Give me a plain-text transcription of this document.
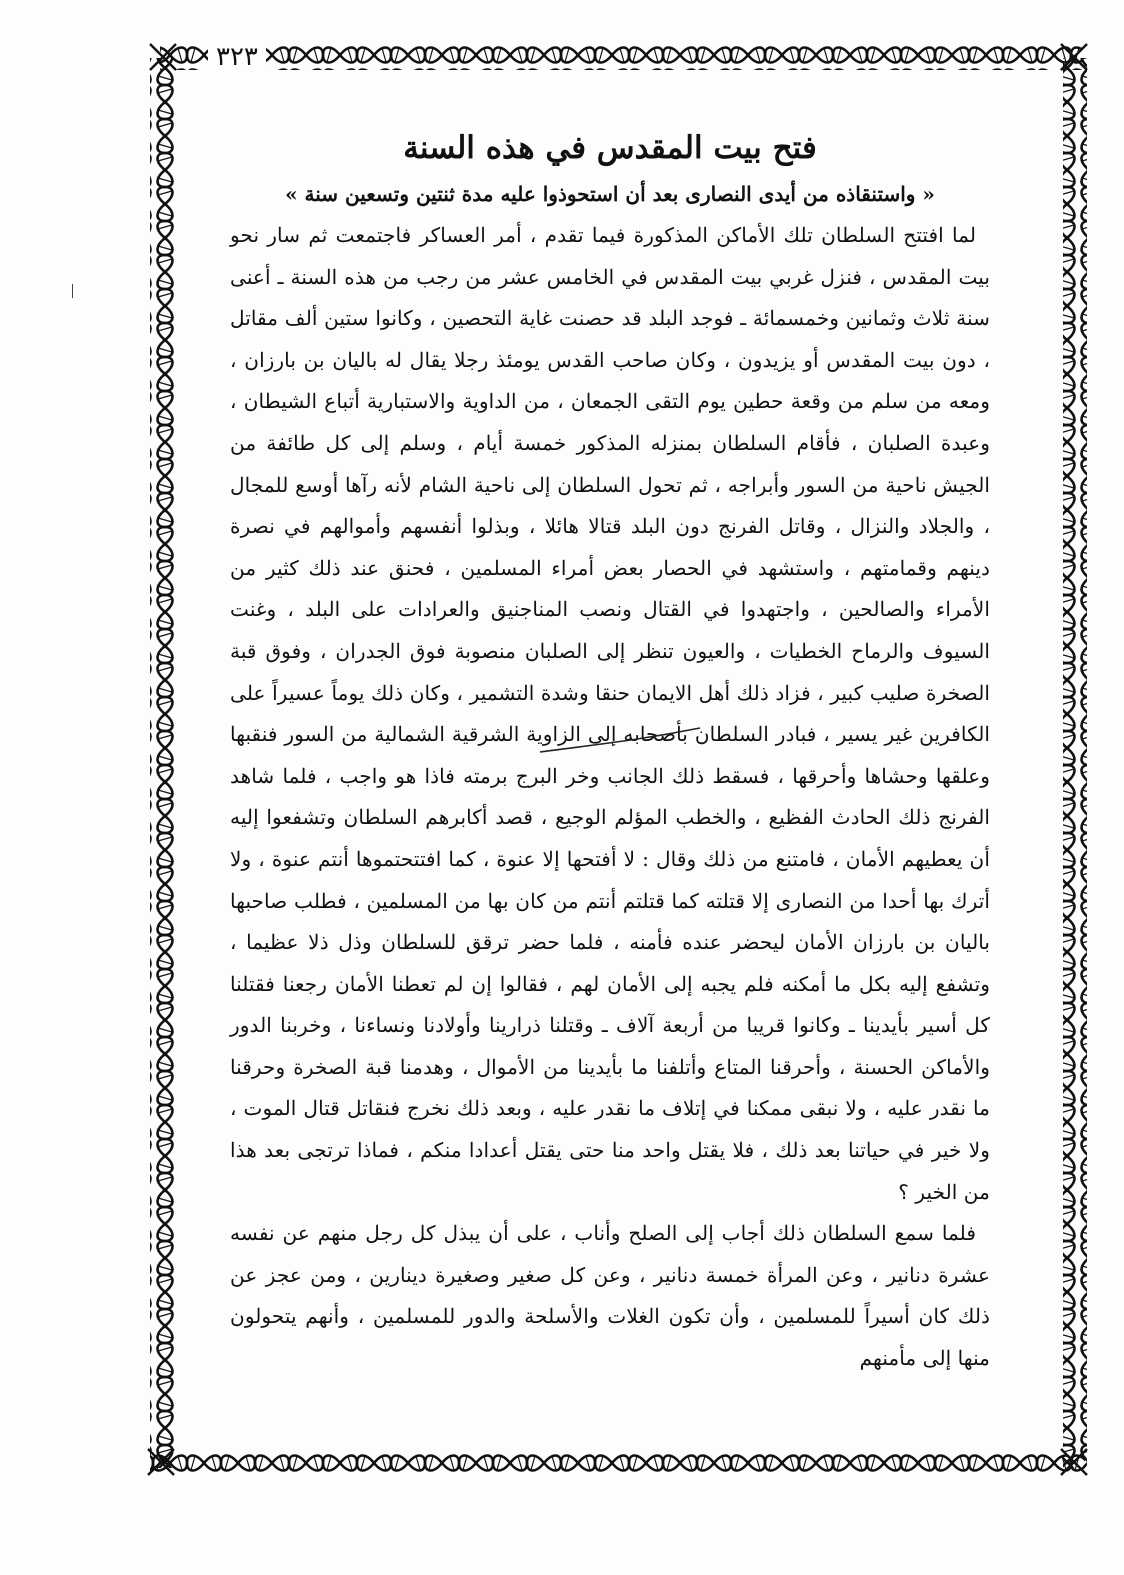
٣٢٣
فتح بيت المقدس في هذه السنة
« واستنقاذه من أيدى النصارى بعد أن استحوذوا عليه مدة ثنتين وتسعين سنة »

لما افتتح السلطان تلك الأماكن المذكورة فيما تقدم ، أمر العساكر فاجتمعت ثم سار نحو بيت المقدس ، فنزل غربي بيت المقدس في الخامس عشر من رجب من هذه السنة ـ أعنى سنة ثلاث وثمانين وخمسمائة ـ فوجد البلد قد حصنت غاية التحصين ، وكانوا ستين ألف مقاتل ، دون بيت المقدس أو يزيدون ، وكان صاحب القدس يومئذ رجلا يقال له باليان بن بارزان ، ومعه من سلم من وقعة حطين يوم التقى الجمعان ، من الداوية والاستبارية أتباع الشيطان ، وعبدة الصلبان ، فأقام السلطان بمنزله المذكور خمسة أيام ، وسلم إلى كل طائفة من الجيش ناحية من السور وأبراجه ، ثم تحول السلطان إلى ناحية الشام لأنه رآها أوسع للمجال ، والجلاد والنزال ، وقاتل الفرنج دون البلد قتالا هائلا ، وبذلوا أنفسهم وأموالهم في نصرة دينهم وقمامتهم ، واستشهد في الحصار بعض أمراء المسلمين ، فحنق عند ذلك كثير من الأمراء والصالحين ، واجتهدوا في القتال ونصب المناجنيق والعرادات على البلد ، وغنت السيوف والرماح الخطيات ، والعيون تنظر إلى الصلبان منصوبة فوق الجدران ، وفوق قبة الصخرة صليب كبير ، فزاد ذلك أهل الايمان حنقا وشدة التشمير ، وكان ذلك يوماً عسيراً على الكافرين غير يسير ، فبادر السلطان بأصحابه إلى الزاوية الشرقية الشمالية من السور فنقبها وعلقها وحشاها وأحرقها ، فسقط ذلك الجانب وخر البرج برمته فاذا هو واجب ، فلما شاهد الفرنج ذلك الحادث الفظيع ، والخطب المؤلم الوجيع ، قصد أكابرهم السلطان وتشفعوا إليه أن يعطيهم الأمان ، فامتنع من ذلك وقال : لا أفتحها إلا عنوة ، كما افتتحتموها أنتم عنوة ، ولا أترك بها أحدا من النصارى إلا قتلته كما قتلتم أنتم من كان بها من المسلمين ، فطلب صاحبها باليان بن بارزان الأمان ليحضر عنده فأمنه ، فلما حضر ترقق للسلطان وذل ذلا عظيما ، وتشفع إليه بكل ما أمكنه فلم يجبه إلى الأمان لهم ، فقالوا إن لم تعطنا الأمان رجعنا فقتلنا كل أسير بأيدينا ـ وكانوا قريبا من أربعة آلاف ـ وقتلنا ذرارينا وأولادنا ونساءنا ، وخربنا الدور والأماكن الحسنة ، وأحرقنا المتاع وأتلفنا ما بأيدينا من الأموال ، وهدمنا قبة الصخرة وحرقنا ما نقدر عليه ، ولا نبقى ممكنا في إتلاف ما نقدر عليه ، وبعد ذلك نخرج فنقاتل قتال الموت ، ولا خير في حياتنا بعد ذلك ، فلا يقتل واحد منا حتى يقتل أعدادا منكم ، فماذا ترتجى بعد هذا من الخير ؟

فلما سمع السلطان ذلك أجاب إلى الصلح وأناب ، على أن يبذل كل رجل منهم عن نفسه عشرة دنانير ، وعن المرأة خمسة دنانير ، وعن كل صغير وصغيرة دينارين ، ومن عجز عن ذلك كان أسيراً للمسلمين ، وأن تكون الغلات والأسلحة والدور للمسلمين ، وأنهم يتحولون منها إلى مأمنهم
